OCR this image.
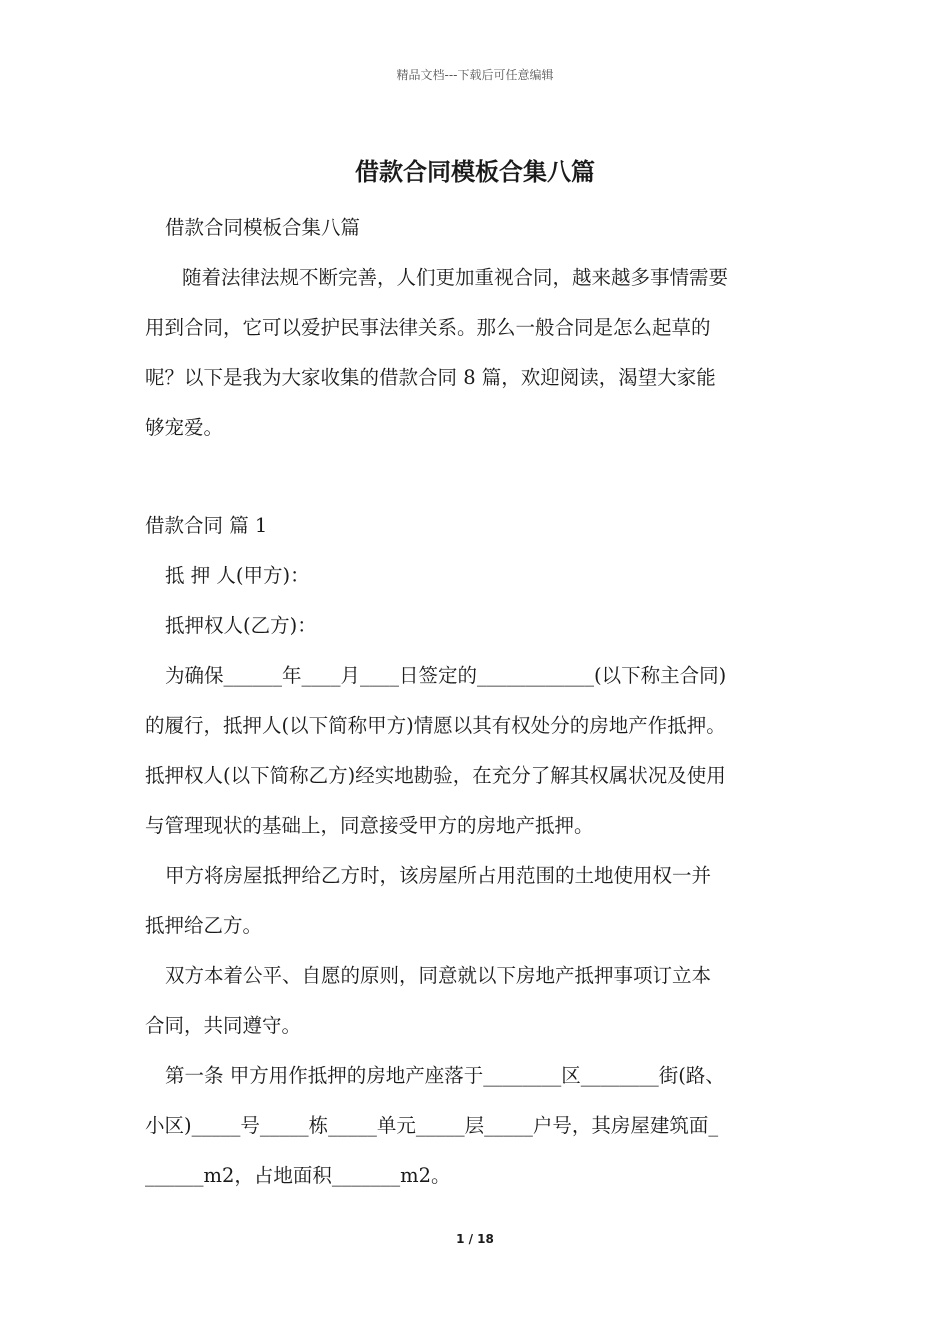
精品文档---下载后可任意编辑
借款合同模板合集八篇
借款合同模板合集八篇
随着法律法规不断完善，人们更加重视合同，越来越多事情需要
用到合同，它可以爱护民事法律关系。那么一般合同是怎么起草的
呢？以下是我为大家收集的借款合同 8 篇，欢迎阅读，渴望大家能
够宠爱。
借款合同 篇 1
抵 押 人(甲方)：
抵押权人(乙方)：
为确保______年____月____日签定的____________(以下称主合同)
的履行，抵押人(以下简称甲方)情愿以其有权处分的房地产作抵押。
抵押权人(以下简称乙方)经实地勘验，在充分了解其权属状况及使用
与管理现状的基础上，同意接受甲方的房地产抵押。
甲方将房屋抵押给乙方时，该房屋所占用范围的土地使用权一并
抵押给乙方。
双方本着公平、自愿的原则，同意就以下房地产抵押事项订立本
合同，共同遵守。
第一条 甲方用作抵押的房地产座落于________区________街(路、
小区)_____号_____栋_____单元_____层_____户号，其房屋建筑面_
______m2，占地面积_______m2。
1 / 18
